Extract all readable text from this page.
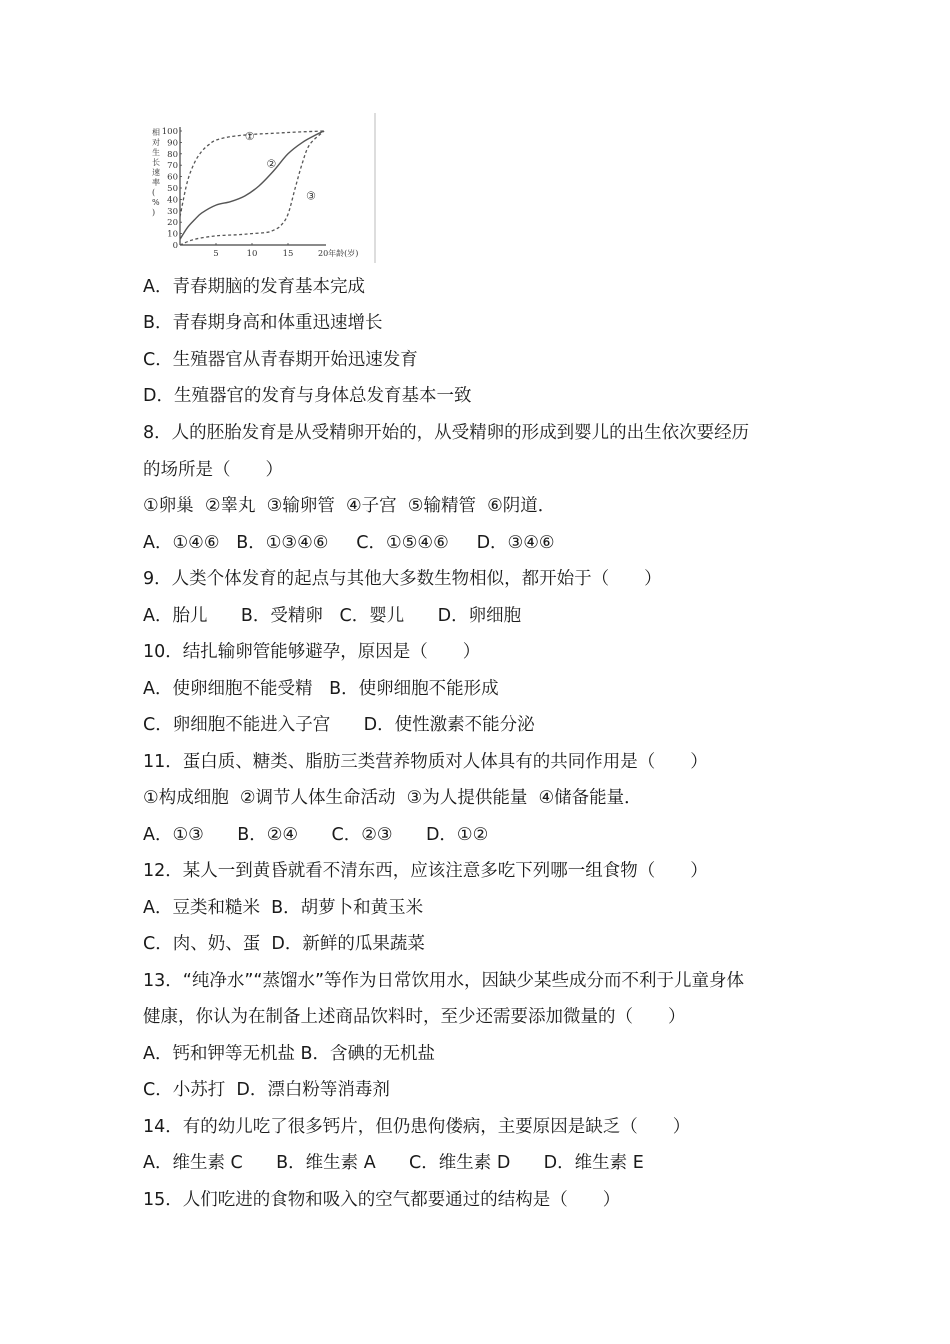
100
90
80
70
60
50
40
30
20
10
0
5	10	15	20年龄(岁)
相对生长速率( % )
①
②
③
A．青春期脑的发育基本完成
B．青春期身高和体重迅速增长
C．生殖器官从青春期开始迅速发育
D．生殖器官的发育与身体总发育基本一致
8．人的胚胎发育是从受精卵开始的，从受精卵的形成到婴儿的出生依次要经历
的场所是（　　）
①卵巢  ②睾丸  ③输卵管  ④子宫  ⑤输精管  ⑥阴道．
A．①④⑥   B．①③④⑥     C．①⑤④⑥     D．③④⑥
9．人类个体发育的起点与其他大多数生物相似，都开始于（　　）
A．胎儿      B．受精卵   C．婴儿      D．卵细胞
10．结扎输卵管能够避孕，原因是（　　）
A．使卵细胞不能受精   B．使卵细胞不能形成
C．卵细胞不能进入子宫      D．使性激素不能分泌
11．蛋白质、糖类、脂肪三类营养物质对人体具有的共同作用是（　　）
①构成细胞  ②调节人体生命活动  ③为人提供能量  ④储备能量．
A．①③      B．②④      C．②③      D．①②
12．某人一到黄昏就看不清东西，应该注意多吃下列哪一组食物（　　）
A．豆类和糙米  B．胡萝卜和黄玉米
C．肉、奶、蛋  D．新鲜的瓜果蔬菜
13．“纯净水”“蒸馏水”等作为日常饮用水，因缺少某些成分而不利于儿童身体
健康，你认为在制备上述商品饮料时，至少还需要添加微量的（　　）
A．钙和钾等无机盐 B．含碘的无机盐
C．小苏打  D．漂白粉等消毒剂
14．有的幼儿吃了很多钙片，但仍患佝偻病，主要原因是缺乏（　　）
A．维生素 C      B．维生素 A      C．维生素 D      D．维生素 E
15．人们吃进的食物和吸入的空气都要通过的结构是（　　）
